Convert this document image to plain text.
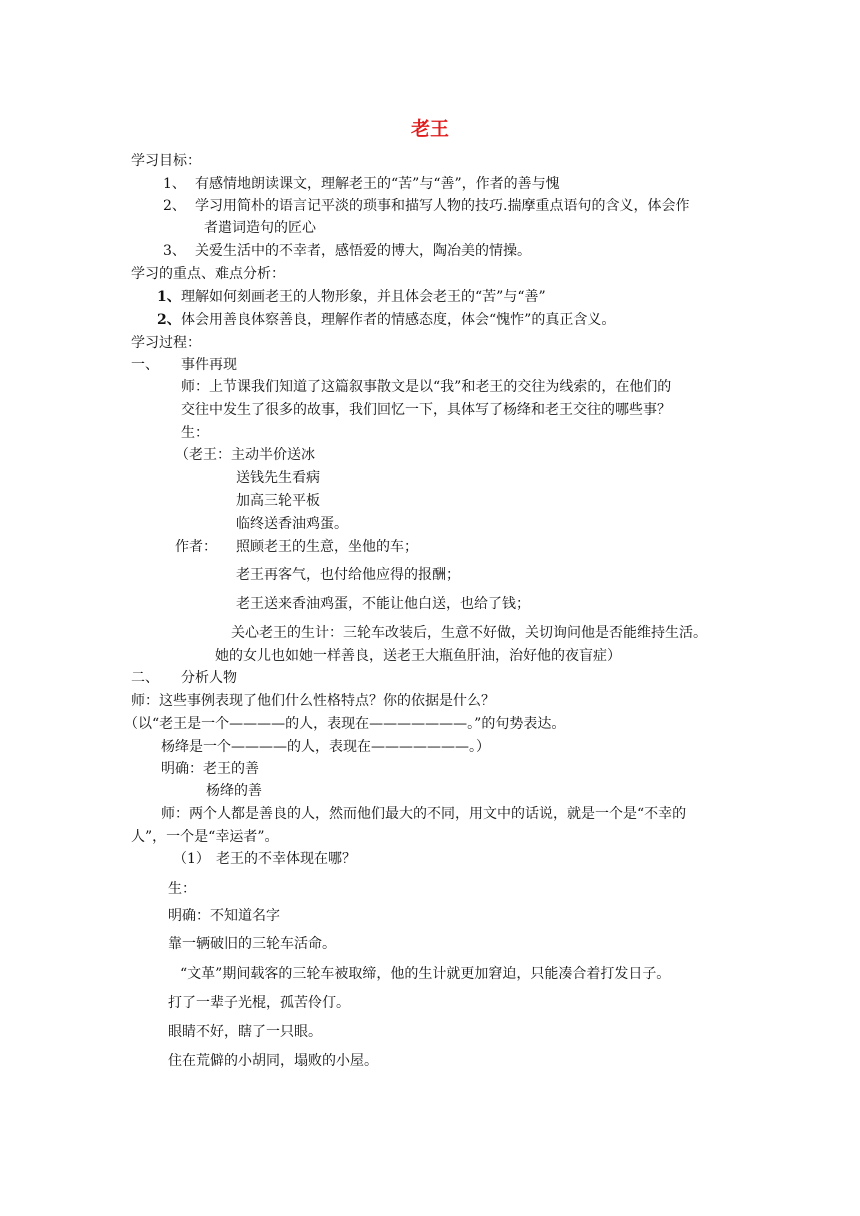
老王
学习目标：
1、 有感情地朗读课文，理解老王的“苦”与“善”，作者的善与愧
2、 学习用简朴的语言记平淡的琐事和描写人物的技巧.揣摩重点语句的含义，体会作
者遣词造句的匠心
3、 关爱生活中的不幸者，感悟爱的博大，陶冶美的情操。
学习的重点、难点分析：
1、理解如何刻画老王的人物形象，并且体会老王的“苦”与“善”
2、体会用善良体察善良，理解作者的情感态度，体会“愧怍”的真正含义。
学习过程：
一、 事件再现
师：上节课我们知道了这篇叙事散文是以“我”和老王的交往为线索的，在他们的
交往中发生了很多的故事，我们回忆一下，具体写了杨绛和老王交往的哪些事？
生：
（老王：主动半价送冰
送钱先生看病
加高三轮平板
临终送香油鸡蛋。
作者： 照顾老王的生意，坐他的车；
老王再客气，也付给他应得的报酬；
老王送来香油鸡蛋，不能让他白送，也给了钱；
关心老王的生计：三轮车改装后，生意不好做，关切询问他是否能维持生活。
她的女儿也如她一样善良，送老王大瓶鱼肝油，治好他的夜盲症）
二、 分析人物
师：这些事例表现了他们什么性格特点？你的依据是什么？
（以“老王是一个————的人，表现在———————。”的句势表达。
杨绛是一个————的人，表现在———————。）
明确：老王的善
杨绛的善
师：两个人都是善良的人，然而他们最大的不同，用文中的话说，就是一个是“不幸的
人”，一个是“幸运者”。
（1） 老王的不幸体现在哪？
生：
明确：不知道名字
靠一辆破旧的三轮车活命。
“文革”期间载客的三轮车被取缔，他的生计就更加窘迫，只能凑合着打发日子。
打了一辈子光棍，孤苦伶仃。
眼睛不好，瞎了一只眼。
住在荒僻的小胡同，塌败的小屋。
